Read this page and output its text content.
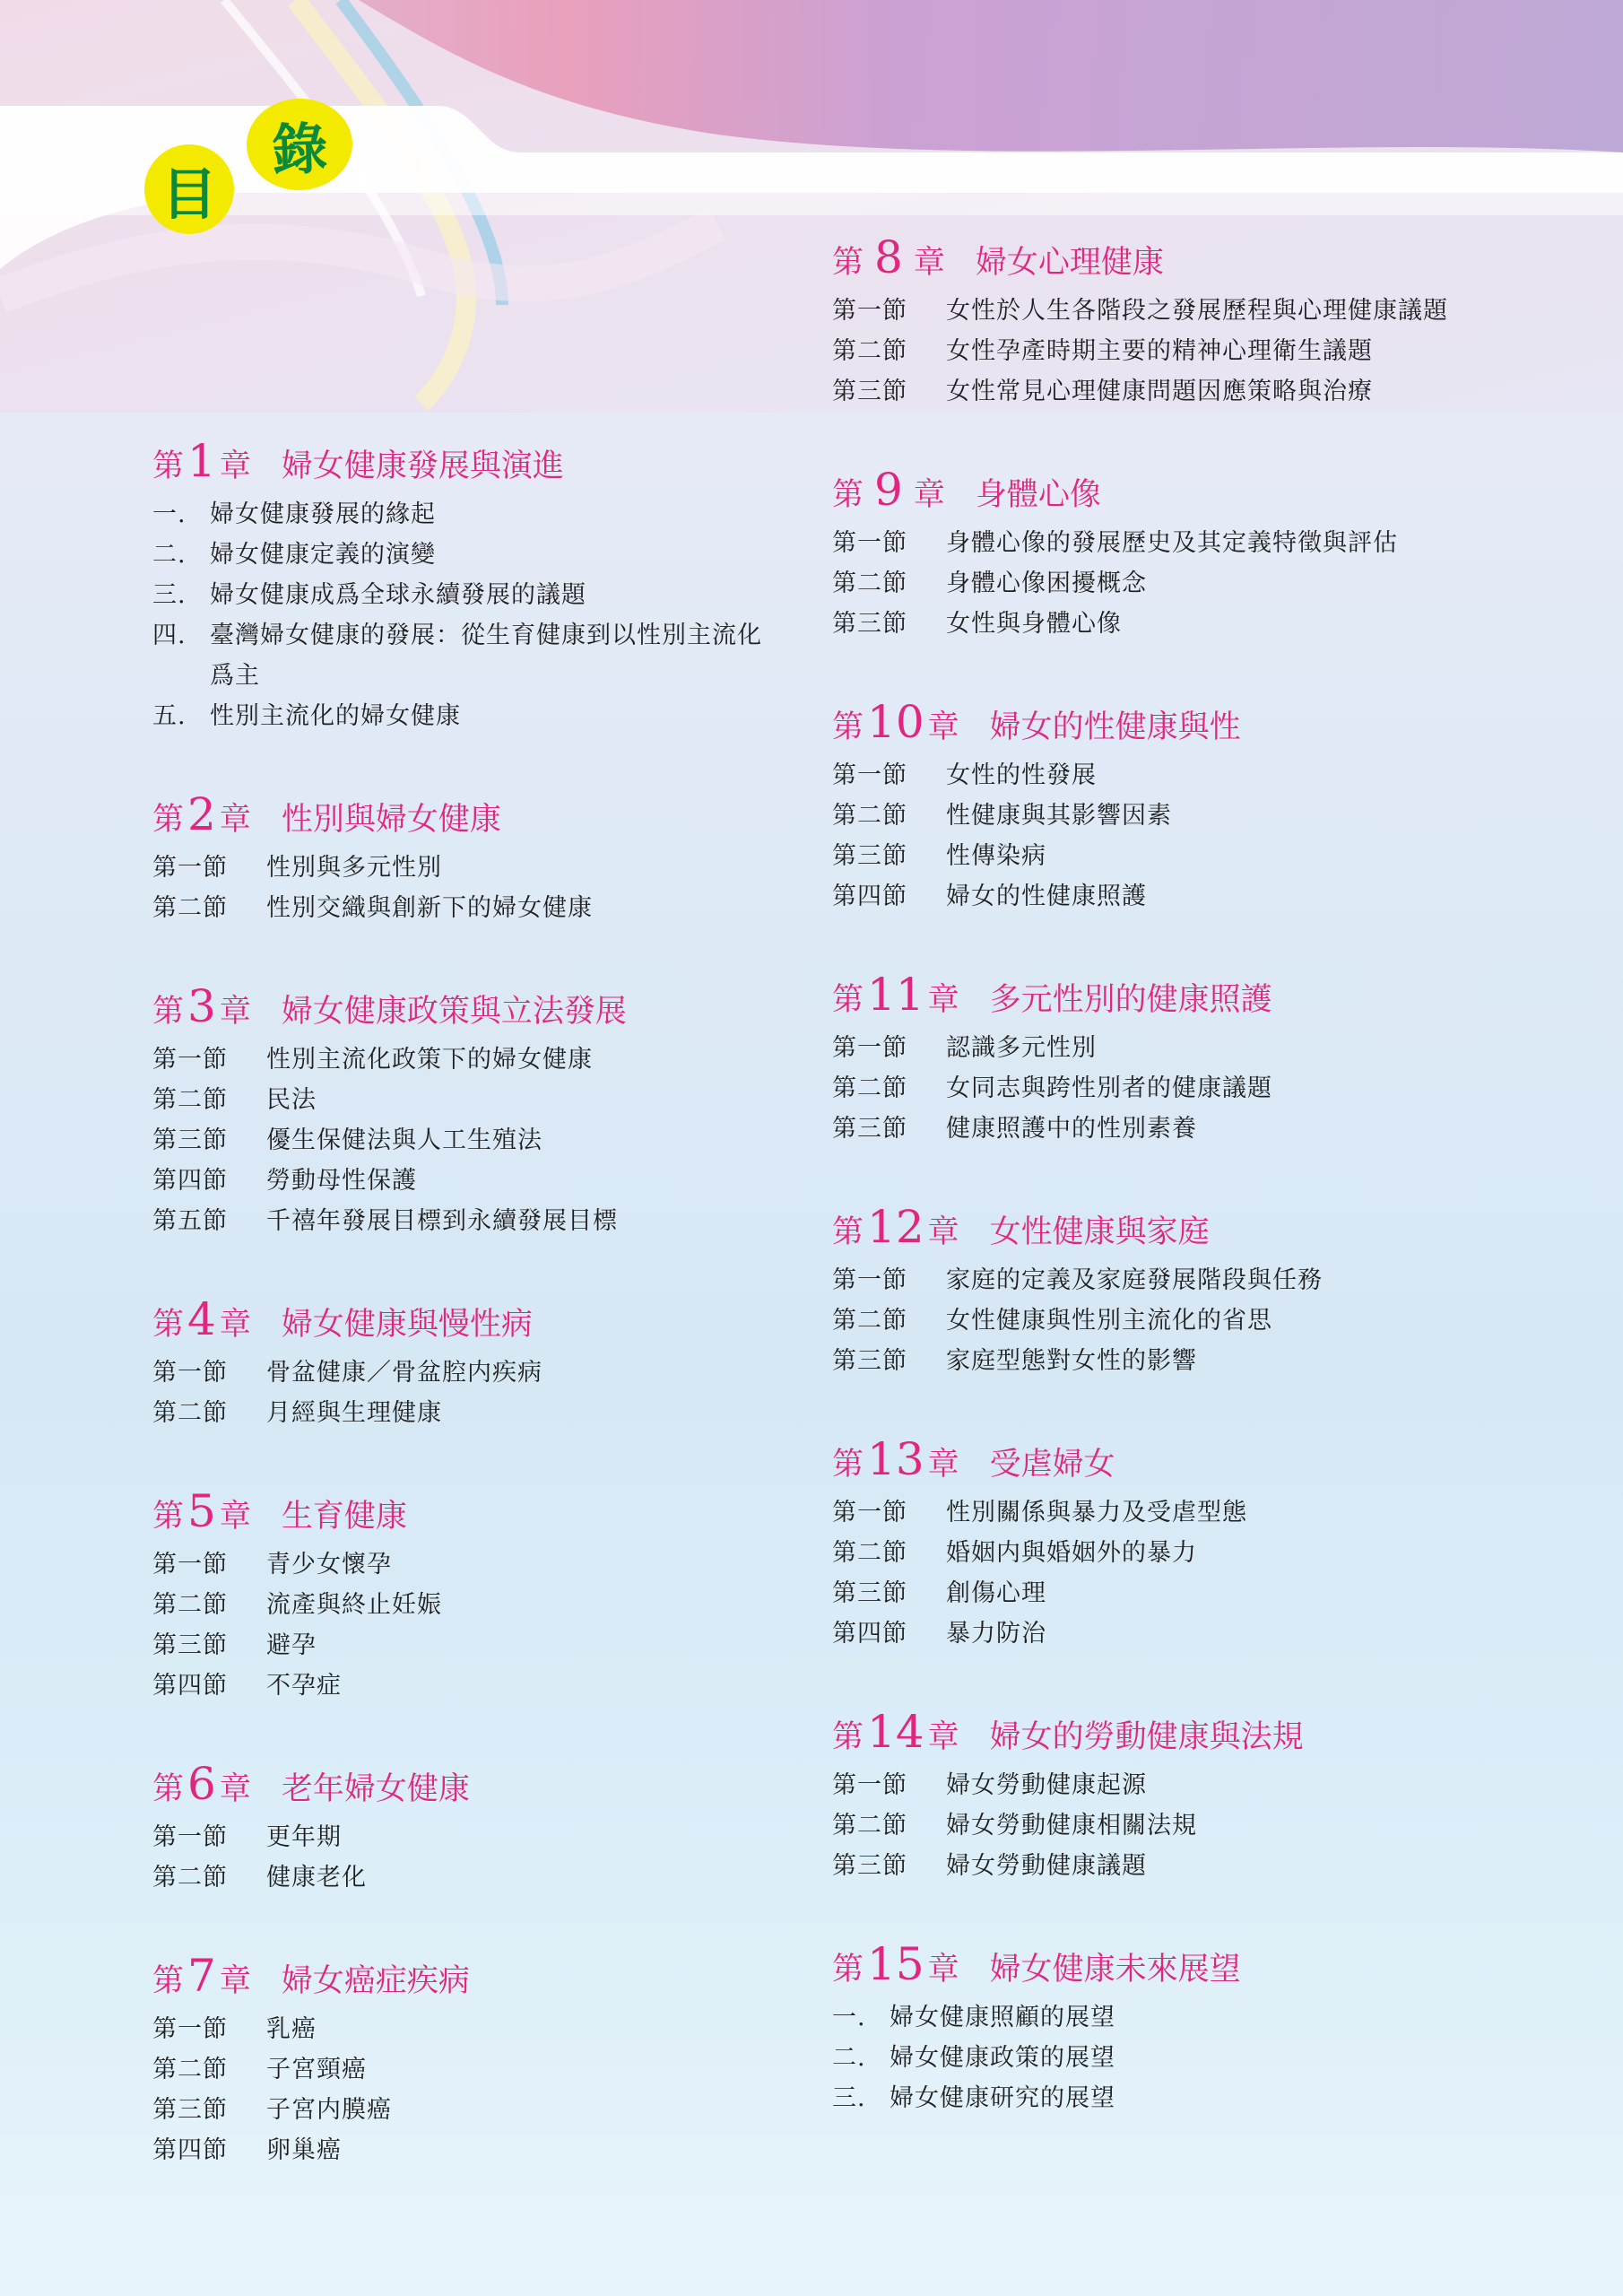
目
錄
第 1 章 婦女健康發展與演進
一. 婦女健康發展的緣起
二. 婦女健康定義的演變
三. 婦女健康成爲全球永續發展的議題
四. 臺灣婦女健康的發展：從生育健康到以性別主流化爲主
五. 性別主流化的婦女健康
第 2 章 性別與婦女健康
第一節	性別與多元性別
第二節	性別交織與創新下的婦女健康
第 3 章 婦女健康政策與立法發展
第一節	性別主流化政策下的婦女健康
第二節	民法
第三節	優生保健法與人工生殖法
第四節	勞動母性保護
第五節	千禧年發展目標到永續發展目標
第 4 章 婦女健康與慢性病
第一節	骨盆健康／骨盆腔内疾病
第二節	月經與生理健康
第 5 章 生育健康
第一節	青少女懷孕
第二節	流產與終止妊娠
第三節	避孕
第四節	不孕症
第 6 章 老年婦女健康
第一節	更年期
第二節	健康老化
第 7 章 婦女癌症疾病
第一節	乳癌
第二節	子宮頸癌
第三節	子宮内膜癌
第四節	卵巢癌
第 8 章 婦女心理健康
第一節	女性於人生各階段之發展歷程與心理健康議題
第二節	女性孕產時期主要的精神心理衛生議題
第三節	女性常見心理健康問題因應策略與治療
第 9 章 身體心像
第一節	身體心像的發展歷史及其定義特徵與評估
第二節	身體心像困擾概念
第三節	女性與身體心像
第 10 章 婦女的性健康與性
第一節	女性的性發展
第二節	性健康與其影響因素
第三節	性傳染病
第四節	婦女的性健康照護
第 11 章 多元性別的健康照護
第一節	認識多元性別
第二節	女同志與跨性別者的健康議題
第三節	健康照護中的性別素養
第 12 章 女性健康與家庭
第一節	家庭的定義及家庭發展階段與任務
第二節	女性健康與性別主流化的省思
第三節	家庭型態對女性的影響
第 13 章 受虐婦女
第一節	性別關係與暴力及受虐型態
第二節	婚姻内與婚姻外的暴力
第三節	創傷心理
第四節	暴力防治
第 14 章 婦女的勞動健康與法規
第一節	婦女勞動健康起源
第二節	婦女勞動健康相關法規
第三節	婦女勞動健康議題
第 15 章 婦女健康未來展望
一. 婦女健康照顧的展望
二. 婦女健康政策的展望
三. 婦女健康研究的展望
